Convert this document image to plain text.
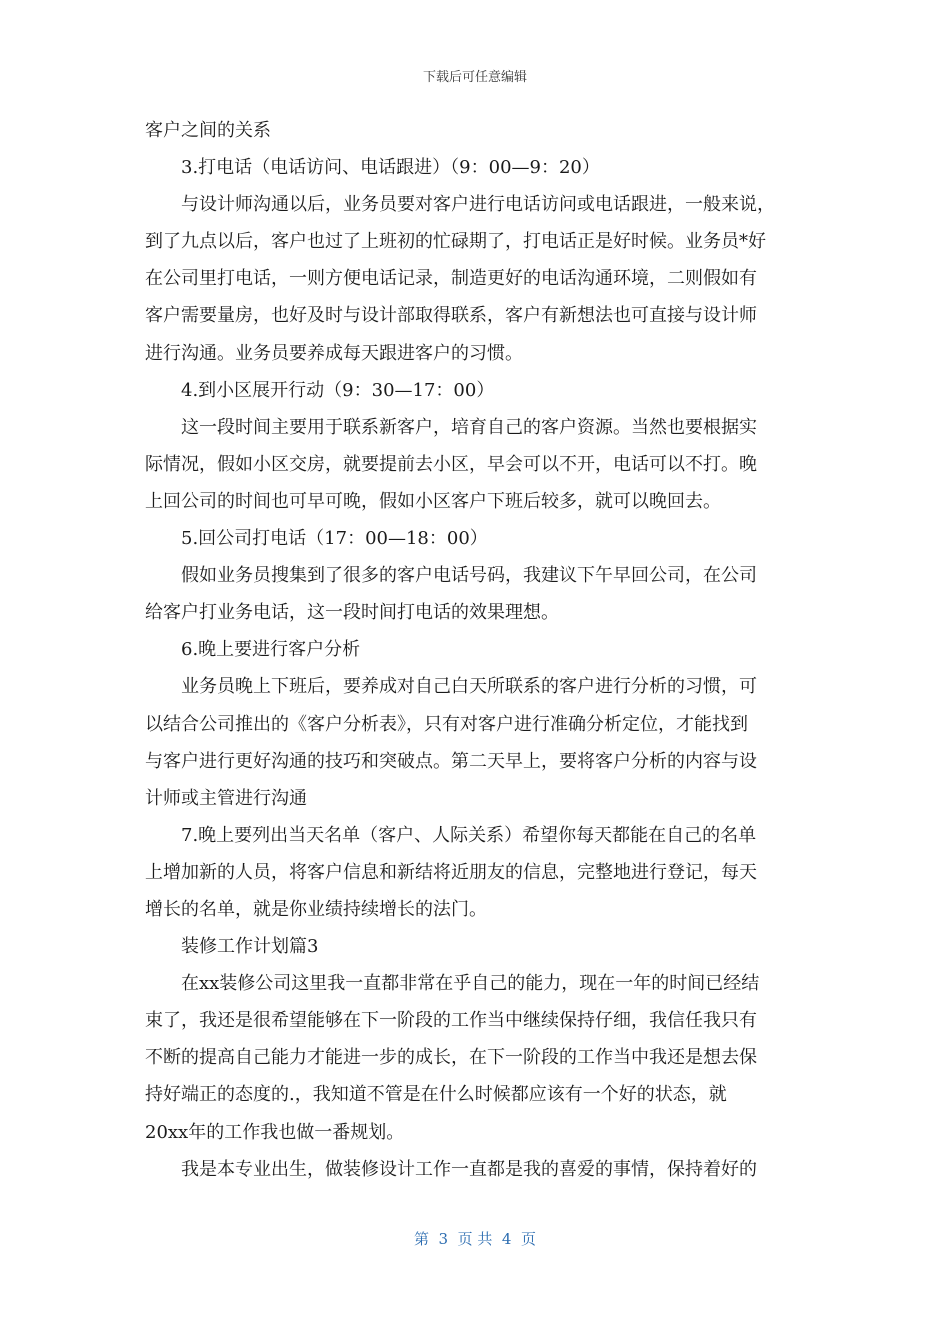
下载后可任意编辑
客户之间的关系
3.打电话（电话访问、电话跟进）（9：00—9：20）
与设计师沟通以后，业务员要对客户进行电话访问或电话跟进，一般来说，
到了九点以后，客户也过了上班初的忙碌期了，打电话正是好时候。业务员*好
在公司里打电话，一则方便电话记录，制造更好的电话沟通环境，二则假如有
客户需要量房，也好及时与设计部取得联系，客户有新想法也可直接与设计师
进行沟通。业务员要养成每天跟进客户的习惯。
4.到小区展开行动（9：30—17：00）
这一段时间主要用于联系新客户，培育自己的客户资源。当然也要根据实
际情况，假如小区交房，就要提前去小区，早会可以不开，电话可以不打。晚
上回公司的时间也可早可晚，假如小区客户下班后较多，就可以晚回去。
5.回公司打电话（17：00—18：00）
假如业务员搜集到了很多的客户电话号码，我建议下午早回公司，在公司
给客户打业务电话，这一段时间打电话的效果理想。
6.晚上要进行客户分析
业务员晚上下班后，要养成对自己白天所联系的客户进行分析的习惯，可
以结合公司推出的《客户分析表》，只有对客户进行准确分析定位，才能找到
与客户进行更好沟通的技巧和突破点。第二天早上，要将客户分析的内容与设
计师或主管进行沟通
7.晚上要列出当天名单（客户、人际关系）希望你每天都能在自己的名单
上增加新的人员，将客户信息和新结将近朋友的信息，完整地进行登记，每天
增长的名单，就是你业绩持续增长的法门。
装修工作计划篇3
在xx装修公司这里我一直都非常在乎自己的能力，现在一年的时间已经结
束了，我还是很希望能够在下一阶段的工作当中继续保持仔细，我信任我只有
不断的提高自己能力才能进一步的成长，在下一阶段的工作当中我还是想去保
持好端正的态度的.，我知道不管是在什么时候都应该有一个好的状态，就
20xx年的工作我也做一番规划。
我是本专业出生，做装修设计工作一直都是我的喜爱的事情，保持着好的
第  3  页 共  4  页
